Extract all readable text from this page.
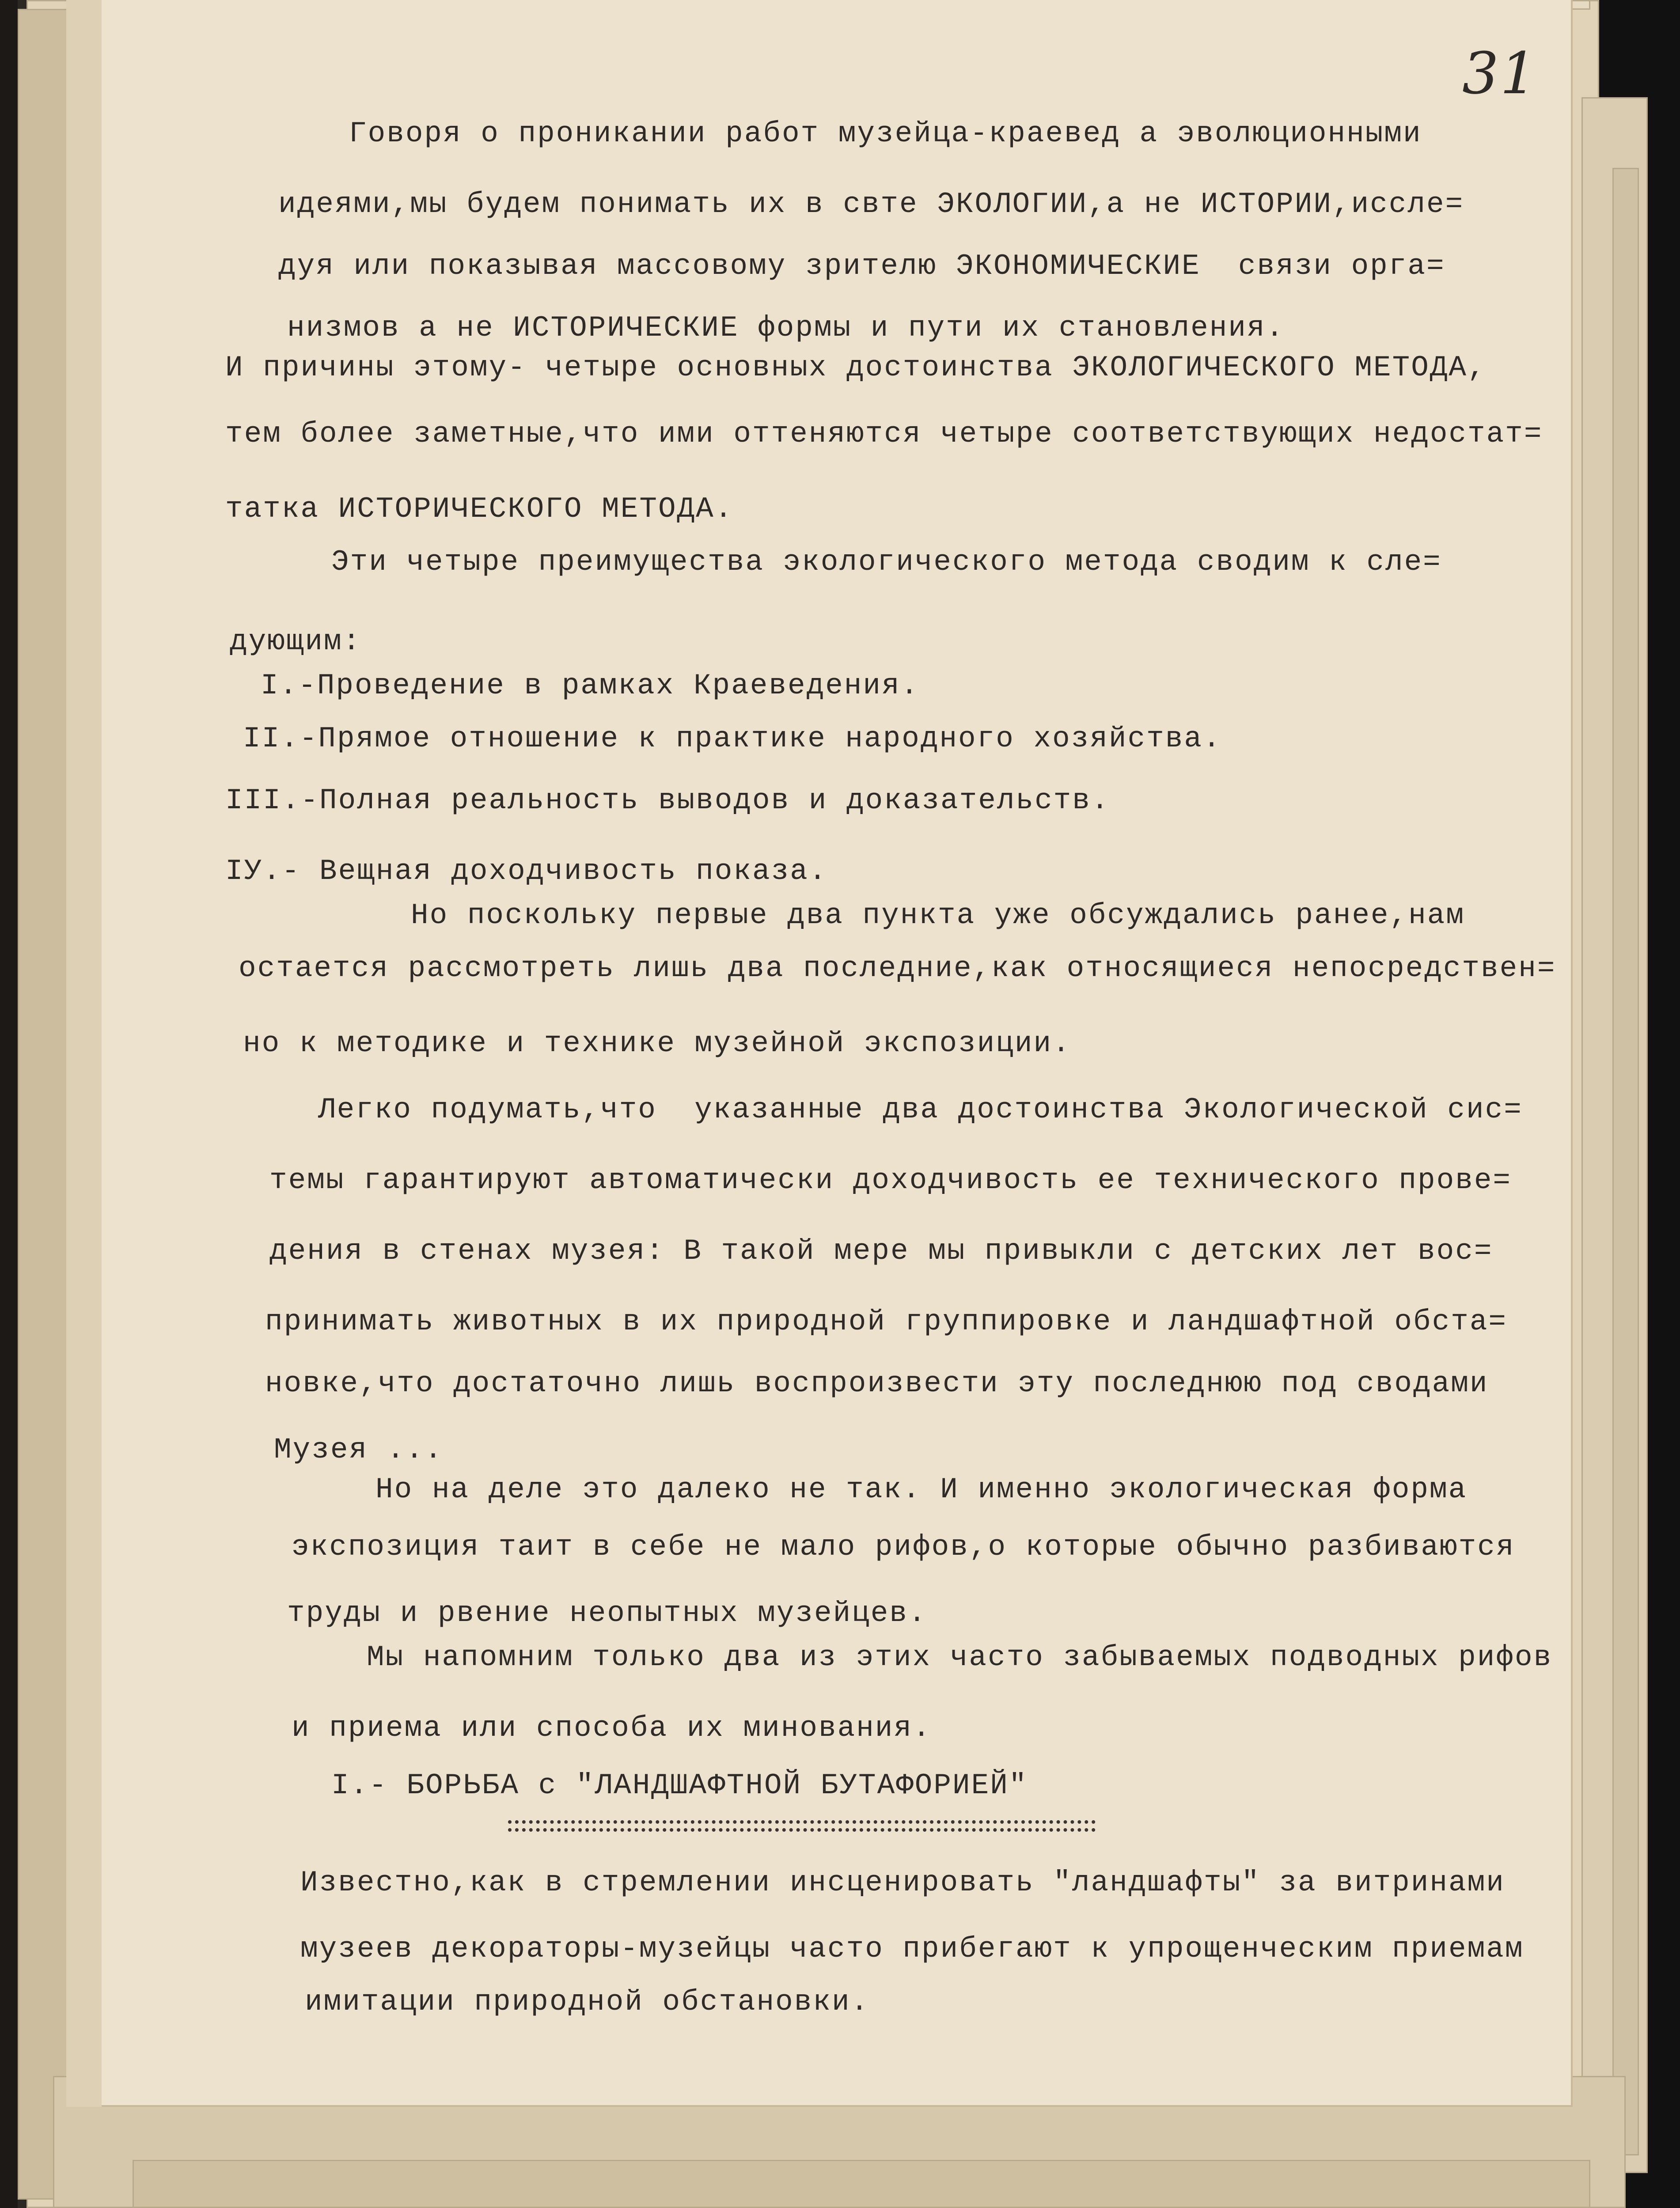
31
Говоря о проникании работ музейца-краевед а эволюционными
идеями,мы будем понимать их в свте ЭКОЛОГИИ,а не ИСТОРИИ,иссле=
дуя или показывая массовому зрителю ЭКОНОМИЧЕСКИЕ  связи орга=
низмов а не ИСТОРИЧЕСКИЕ формы и пути их становления.
И причины этому- четыре основных достоинства ЭКОЛОГИЧЕСКОГО МЕТОДА,
тем более заметные,что ими оттеняются четыре соответствующих недостат=
татка ИСТОРИЧЕСКОГО МЕТОДА.
Эти четыре преимущества экологического метода сводим к сле=
дующим:
I.-Проведение в рамках Краеведения.
II.-Прямое отношение к практике народного хозяйства.
III.-Полная реальность выводов и доказательств.
IУ.- Вещная доходчивость показа.
Но поскольку первые два пункта уже обсуждались ранее,нам
остается рассмотреть лишь два последние,как относящиеся непосредствен=
но к методике и технике музейной экспозиции.
Легко подумать,что  указанные два достоинства Экологической сис=
темы гарантируют автоматически доходчивость ее технического прове=
дения в стенах музея: В такой мере мы привыкли с детских лет вос=
принимать животных в их природной группировке и ландшафтной обста=
новке,что достаточно лишь воспроизвести эту последнюю под сводами
Музея ...
Но на деле это далеко не так. И именно экологическая форма
экспозиция таит в себе не мало рифов,о которые обычно разбиваются
труды и рвение неопытных музейцев.
Мы напомним только два из этих часто забываемых подводных рифов
и приема или способа их минования.
I.- БОРЬБА с "ЛАНДШАФТНОЙ БУТАФОРИЕЙ"
Известно,как в стремлении инсценировать "ландшафты" за витринами
музеев декораторы-музейцы часто прибегают к упрощенческим приемам
имитации природной обстановки.
